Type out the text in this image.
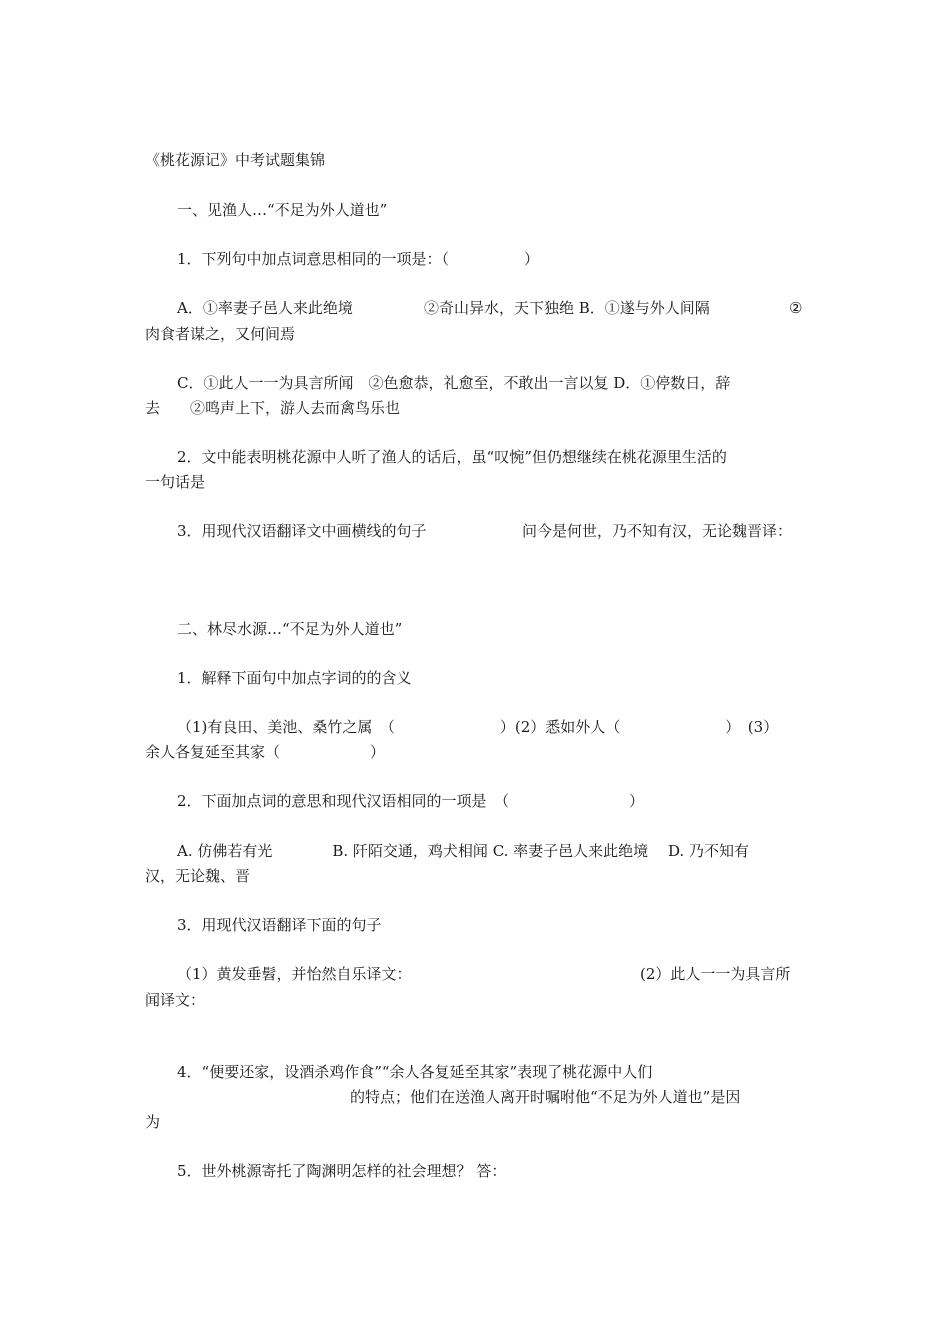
《桃花源记》中考试题集锦
一、见渔人…“不足为外人道也”
1．下列句中加点词意思相同的一项是：（　　　　　）
A．①率妻子邑人来此绝境	②奇山异水，天下独绝 B．①遂与外人间隔	②
肉食者谋之，又何间焉
C．①此人一一为具言所闻　②色愈恭，礼愈至，不敢出一言以复 D．①停数日，辞
去　　②鸣声上下，游人去而禽鸟乐也
2．文中能表明桃花源中人听了渔人的话后，虽“叹惋”但仍想继续在桃花源里生活的
一句话是
3．用现代汉语翻译文中画横线的句子	问今是何世，乃不知有汉，无论魏晋译：
二、林尽水源…“不足为外人道也”
1．解释下面句中加点字词的的含义
（1)有良田、美池、桑竹之属　（　　　　　　　）(2）悉如外人（　　　　　　　）　(3）
余人各复延至其家（　　　　　　）
2．下面加点词的意思和现代汉语相同的一项是　（　　　　　　　　）
A. 仿佛若有光　　　　B. 阡陌交通，鸡犬相闻 C. 率妻子邑人来此绝境　 D. 乃不知有
汉，无论魏、晋
3．用现代汉语翻译下面的句子
（1）黄发垂髫，并怡然自乐译文：	(2）此人一一为具言所
闻译文：
4．“便要还家，设酒杀鸡作食”“余人各复延至其家”表现了桃花源中人们
的特点；他们在送渔人离开时嘱咐他“不足为外人道也”是因
为
5．世外桃源寄托了陶渊明怎样的社会理想？ 答：
